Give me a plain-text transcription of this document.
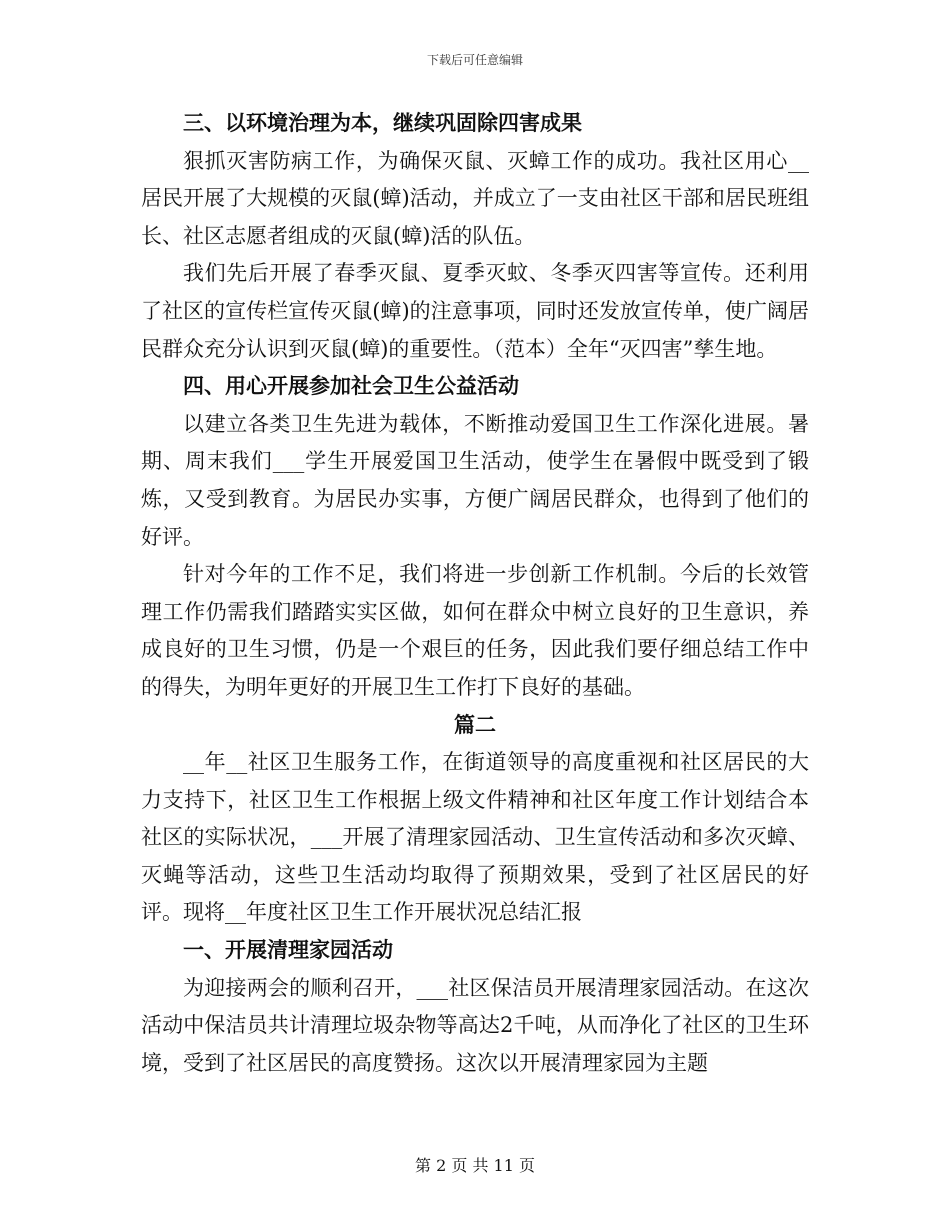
下载后可任意编辑

三、以环境治理为本，继续巩固除四害成果

狠抓灭害防病工作，为确保灭鼠、灭蟑工作的成功。我社区用心__居民开展了大规模的灭鼠(蟑)活动，并成立了一支由社区干部和居民班组长、社区志愿者组成的灭鼠(蟑)活的队伍。

我们先后开展了春季灭鼠、夏季灭蚊、冬季灭四害等宣传。还利用了社区的宣传栏宣传灭鼠(蟑)的注意事项，同时还发放宣传单，使广阔居民群众充分认识到灭鼠(蟑)的重要性。（范本）全年“灭四害”孳生地。

四、用心开展参加社会卫生公益活动

以建立各类卫生先进为载体，不断推动爱国卫生工作深化进展。暑期、周末我们___学生开展爱国卫生活动，使学生在暑假中既受到了锻炼，又受到教育。为居民办实事，方便广阔居民群众，也得到了他们的好评。

针对今年的工作不足，我们将进一步创新工作机制。今后的长效管理工作仍需我们踏踏实实区做，如何在群众中树立良好的卫生意识，养成良好的卫生习惯，仍是一个艰巨的任务，因此我们要仔细总结工作中的得失，为明年更好的开展卫生工作打下良好的基础。

篇二

__年__社区卫生服务工作，在街道领导的高度重视和社区居民的大力支持下，社区卫生工作根据上级文件精神和社区年度工作计划结合本社区的实际状况，___开展了清理家园活动、卫生宣传活动和多次灭蟑、灭蝇等活动，这些卫生活动均取得了预期效果，受到了社区居民的好评。现将__年度社区卫生工作开展状况总结汇报

一、开展清理家园活动

为迎接两会的顺利召开，___社区保洁员开展清理家园活动。在这次活动中保洁员共计清理垃圾杂物等高达2千吨，从而净化了社区的卫生环境，受到了社区居民的高度赞扬。这次以开展清理家园为主题

第 2 页 共 11 页
